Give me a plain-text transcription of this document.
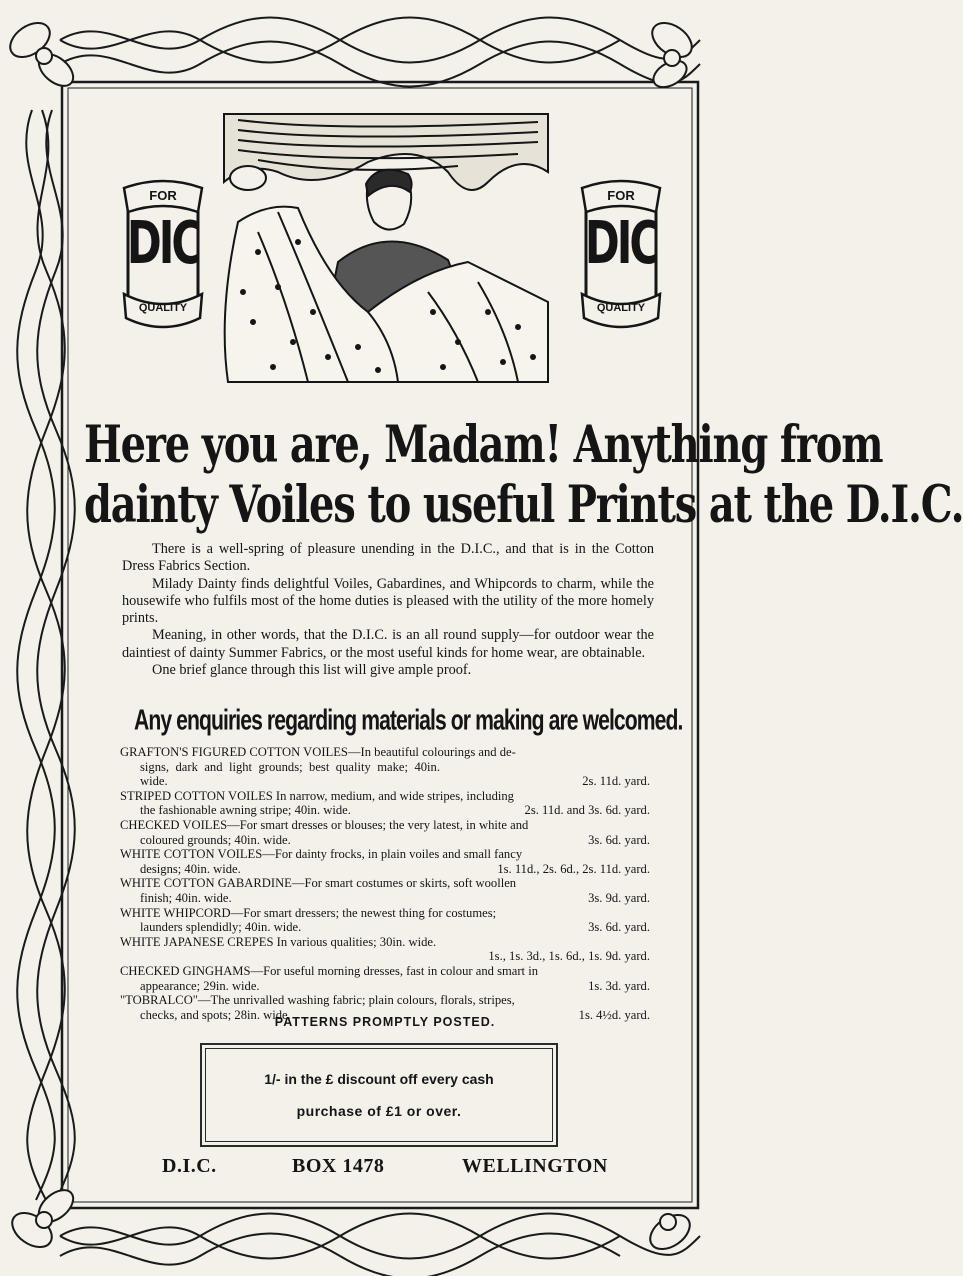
FOR
DIC
QUALITY
FOR
DIC
QUALITY
Here you are, Madam! Anything from
dainty Voiles to useful Prints at the D.I.C.

There is a well-spring of pleasure unending in the D.I.C., and that is in the Cotton Dress Fabrics Section.

Milady Dainty finds delightful Voiles, Gabardines, and Whipcords to charm, while the housewife who fulfils most of the home duties is pleased with the utility of the more homely prints.

Meaning, in other words, that the D.I.C. is an all round supply—for outdoor wear the daintiest of dainty Summer Fabrics, or the most useful kinds for home wear, are obtainable.

One brief glance through this list will give ample proof.

Any enquiries regarding materials or making are welcomed.
GRAFTON'S FIGURED COTTON VOILES—In beautiful colourings and de-
signs, dark and light grounds; best quality make; 40in. wide.	2s. 11d. yard.
STRIPED COTTON VOILES In narrow, medium, and wide stripes, including
the fashionable awning stripe; 40in. wide.	2s. 11d. and 3s. 6d. yard.
CHECKED VOILES—For smart dresses or blouses; the very latest, in white and
coloured grounds; 40in. wide.	3s. 6d. yard.
WHITE COTTON VOILES—For dainty frocks, in plain voiles and small fancy
designs; 40in. wide.	1s. 11d., 2s. 6d., 2s. 11d. yard.
WHITE COTTON GABARDINE—For smart costumes or skirts, soft woollen
finish; 40in. wide.	3s. 9d. yard.
WHITE WHIPCORD—For smart dressers; the newest thing for costumes;
launders splendidly; 40in. wide.	3s. 6d. yard.
WHITE JAPANESE CREPES In various qualities; 30in. wide.
1s., 1s. 3d., 1s. 6d., 1s. 9d. yard.
CHECKED GINGHAMS—For useful morning dresses, fast in colour and smart in
appearance; 29in. wide.	1s. 3d. yard.
"TOBRALCO"—The unrivalled washing fabric; plain colours, florals, stripes,
checks, and spots; 28in. wide.	1s. 4½d. yard.
PATTERNS PROMPTLY POSTED.
1/- in the £ discount off every cash
purchase of £1 or over.
D.I.C.	BOX 1478	WELLINGTON
